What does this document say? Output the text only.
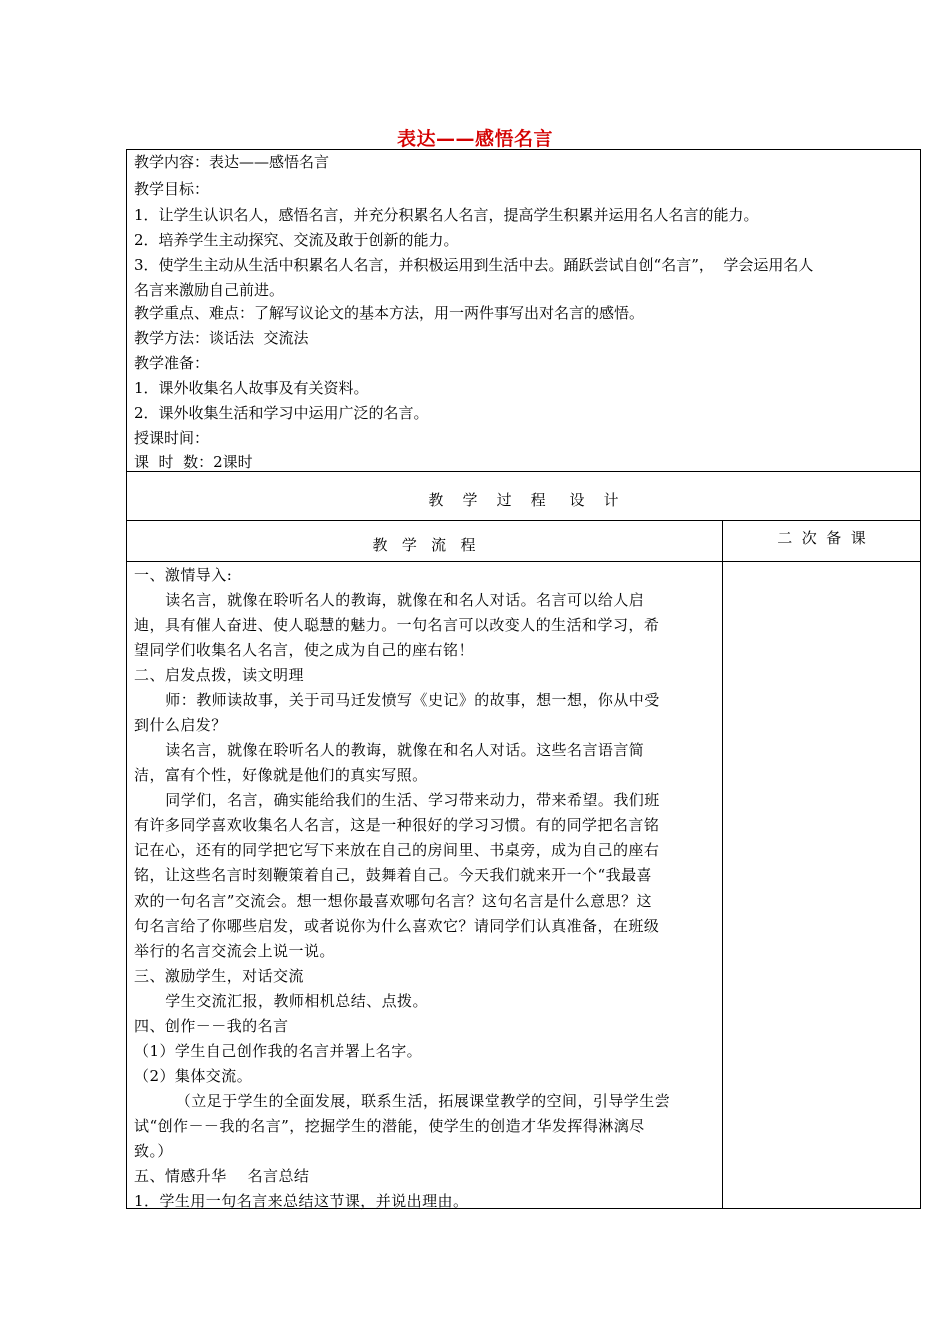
表达——感悟名言
教学内容：表达——感悟名言
教学目标：
1．让学生认识名人，感悟名言，并充分积累名人名言，提高学生积累并运用名人名言的能力。
2．培养学生主动探究、交流及敢于创新的能力。
3．使学生主动从生活中积累名人名言，并积极运用到生活中去。踊跃尝试自创“名言”，  学会运用名人
名言来激励自己前进。
教学重点、难点：了解写议论文的基本方法，用一两件事写出对名言的感悟。
教学方法：谈话法  交流法
教学准备：
1．课外收集名人故事及有关资料。
2．课外收集生活和学习中运用广泛的名言。
授课时间：
课  时  数：2课时
教    学    过    程     设    计
教   学   流   程	二  次  备  课
一、激情导入:
读名言，就像在聆听名人的教诲，就像在和名人对话。名言可以给人启
迪，具有催人奋进、使人聪慧的魅力。一句名言可以改变人的生活和学习，希
望同学们收集名人名言，使之成为自己的座右铭！
二、启发点拨，读文明理
师：教师读故事，关于司马迁发愤写《史记》的故事，想一想，你从中受
到什么启发？
读名言，就像在聆听名人的教诲，就像在和名人对话。这些名言语言简
洁，富有个性，好像就是他们的真实写照。
同学们，名言，确实能给我们的生活、学习带来动力，带来希望。我们班
有许多同学喜欢收集名人名言，这是一种很好的学习习惯。有的同学把名言铭
记在心，还有的同学把它写下来放在自己的房间里、书桌旁，成为自己的座右
铭，让这些名言时刻鞭策着自己，鼓舞着自己。今天我们就来开一个“我最喜
欢的一句名言”交流会。想一想你最喜欢哪句名言？这句名言是什么意思？这
句名言给了你哪些启发，或者说你为什么喜欢它？请同学们认真准备，在班级
举行的名言交流会上说一说。
三、激励学生，对话交流
学生交流汇报，教师相机总结、点拨。
四、创作－－我的名言
（1）学生自己创作我的名言并署上名字。
（2）集体交流。
（立足于学生的全面发展，联系生活，拓展课堂教学的空间，引导学生尝
试“创作－－我的名言”，挖掘学生的潜能，使学生的创造才华发挥得淋漓尽
致。）
五、情感升华    名言总结
1．学生用一句名言来总结这节课，并说出理由。
